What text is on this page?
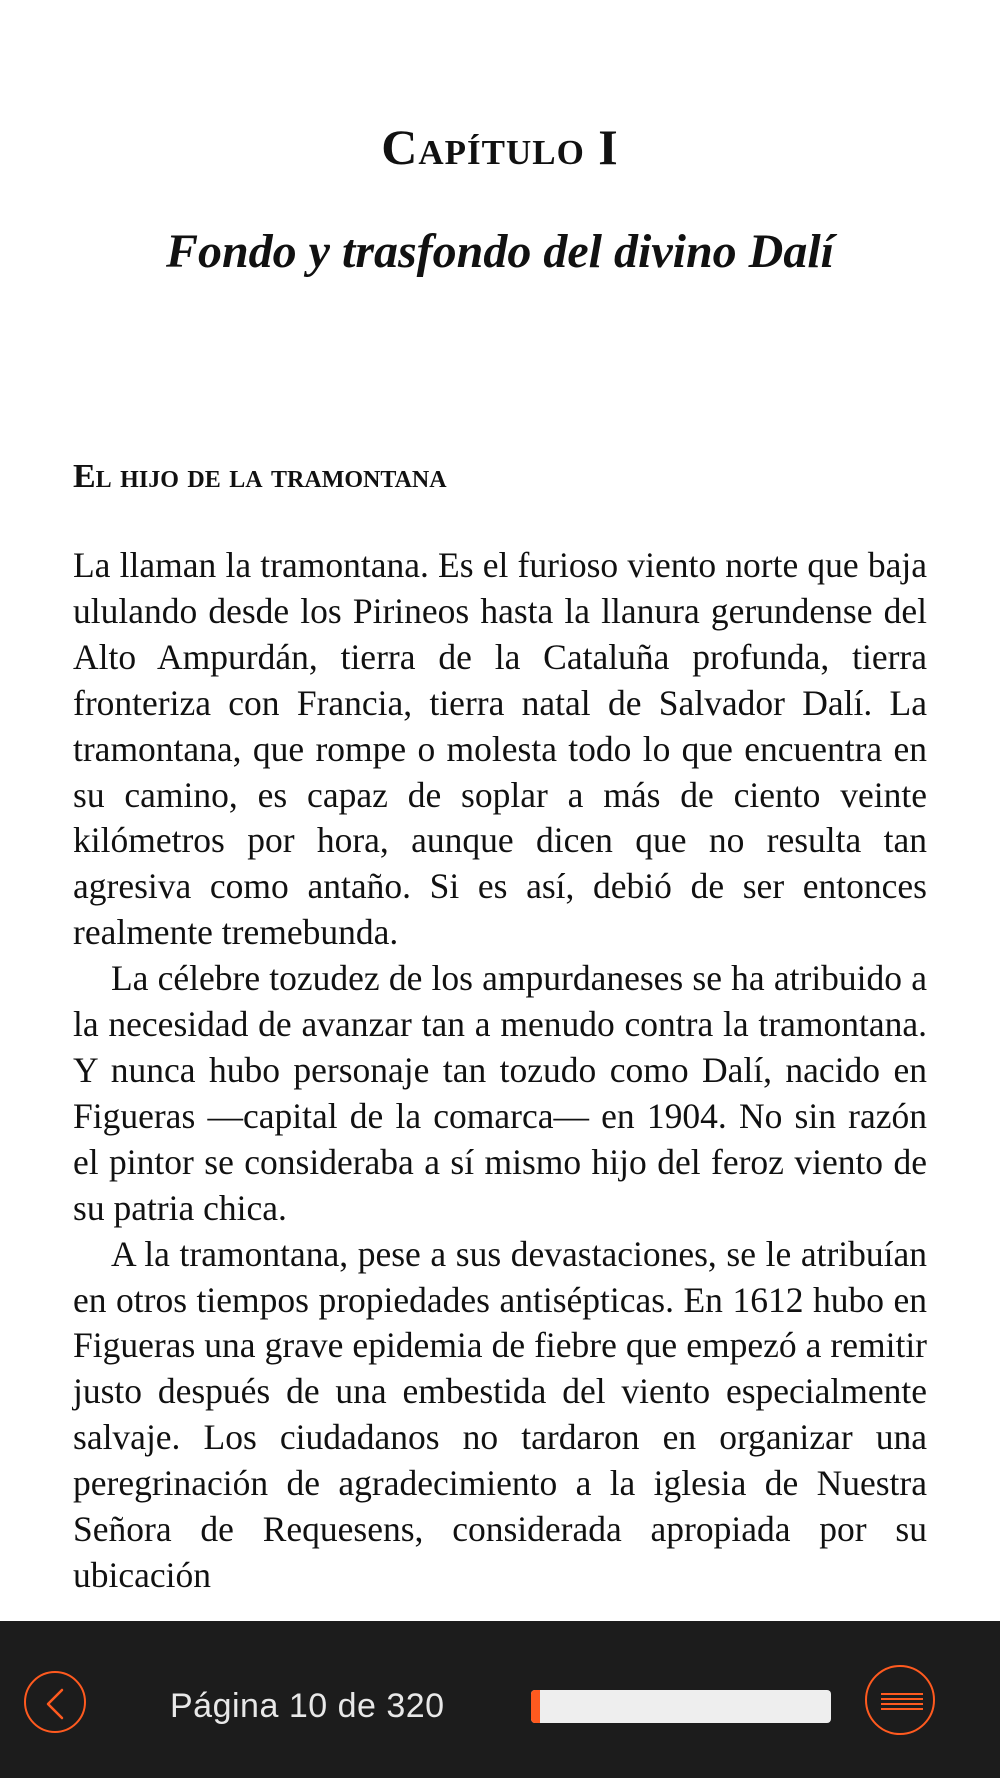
Capítulo I
Fondo y trasfondo del divino Dalí
El hijo de la tramontana

La llaman la tramontana. Es el furioso viento norte que baja ululando desde los Pirineos hasta la llanura gerundense del Alto Ampurdán, tierra de la Cataluña profunda, tierra fronteriza con Francia, tierra natal de Salvador Dalí. La tramontana, que rompe o molesta todo lo que encuentra en su camino, es capaz de soplar a más de ciento veinte kilómetros por hora, aunque dicen que no resulta tan agresiva como antaño. Si es así, debió de ser entonces realmente tremebunda.

La célebre tozudez de los ampurdaneses se ha atribuido a la necesidad de avanzar tan a menudo contra la tramontana. Y nunca hubo personaje tan tozudo como Dalí, nacido en Figueras —capital de la comarca— en 1904. No sin razón el pintor se consideraba a sí mismo hijo del feroz viento de su patria chica.

A la tramontana, pese a sus devastaciones, se le atribuían en otros tiempos propiedades antisépticas. En 1612 hubo en Figueras una grave epidemia de fiebre que empezó a remitir justo después de una embestida del viento especialmente salvaje. Los ciudadanos no tardaron en organizar una peregrinación de agradecimiento a la iglesia de Nuestra Señora de Requesens, considerada apropiada por su ubicación

Página 10 de 320
